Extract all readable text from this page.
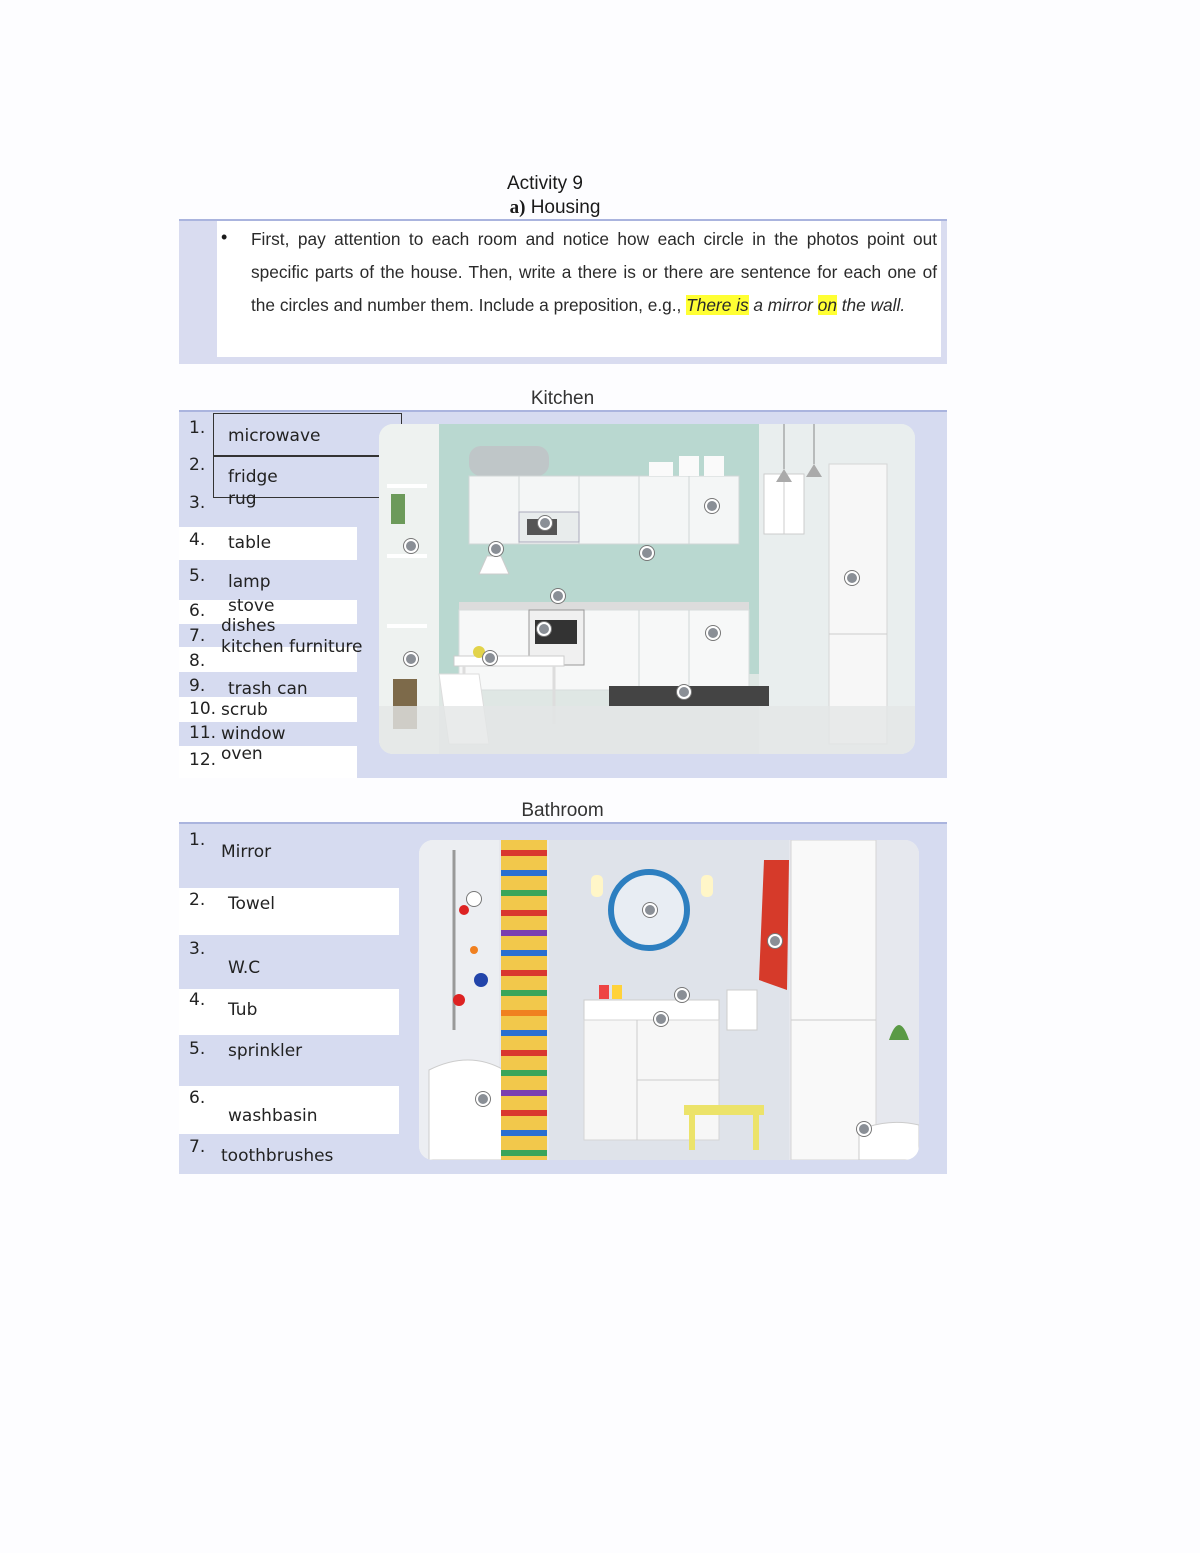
Activity 9
a) Housing
• First, pay attention to each room and notice how each circle in the photos point out specific parts of the house. Then, write a there is or there are sentence for each one of the circles and number them. Include a preposition, e.g., There is a mirror on the wall.
Kitchen
1. microwave
2.
fridge
3. rug
4. table
5. lamp
6. stove
7. dishes
kitchen furniture
8.
9. trash can
10. scrub
11. window
12. oven
Bathroom
1.
Mirror
2. Towel
3.
W.C
4. Tub
5. sprinkler
6.
washbasin
7. toothbrushes
